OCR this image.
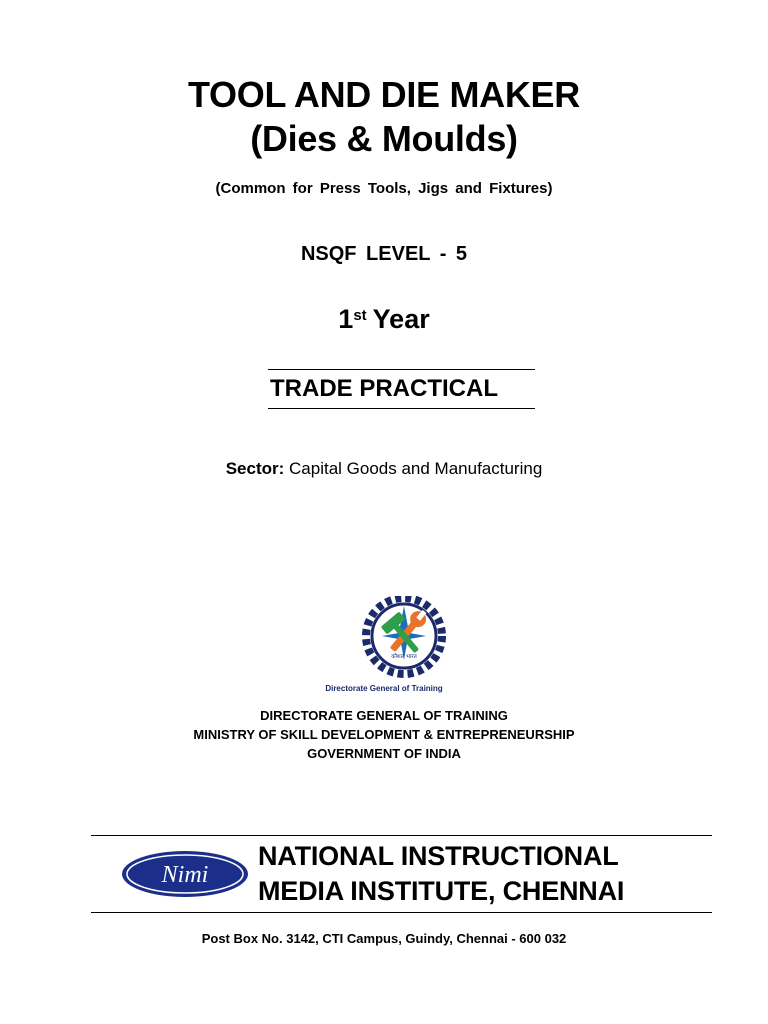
TOOL AND DIE MAKER
(Dies & Moulds)
(Common for Press Tools, Jigs and Fixtures)
NSQF LEVEL - 5
1st Year
TRADE PRACTICAL
Sector: Capital Goods and Manufacturing
कौशल भारत
Directorate General of Training
DIRECTORATE GENERAL OF TRAINING
MINISTRY OF SKILL DEVELOPMENT & ENTREPRENEURSHIP
GOVERNMENT OF INDIA
Nimi
NATIONAL INSTRUCTIONAL
MEDIA INSTITUTE, CHENNAI
Post Box No. 3142, CTI Campus, Guindy, Chennai - 600 032
